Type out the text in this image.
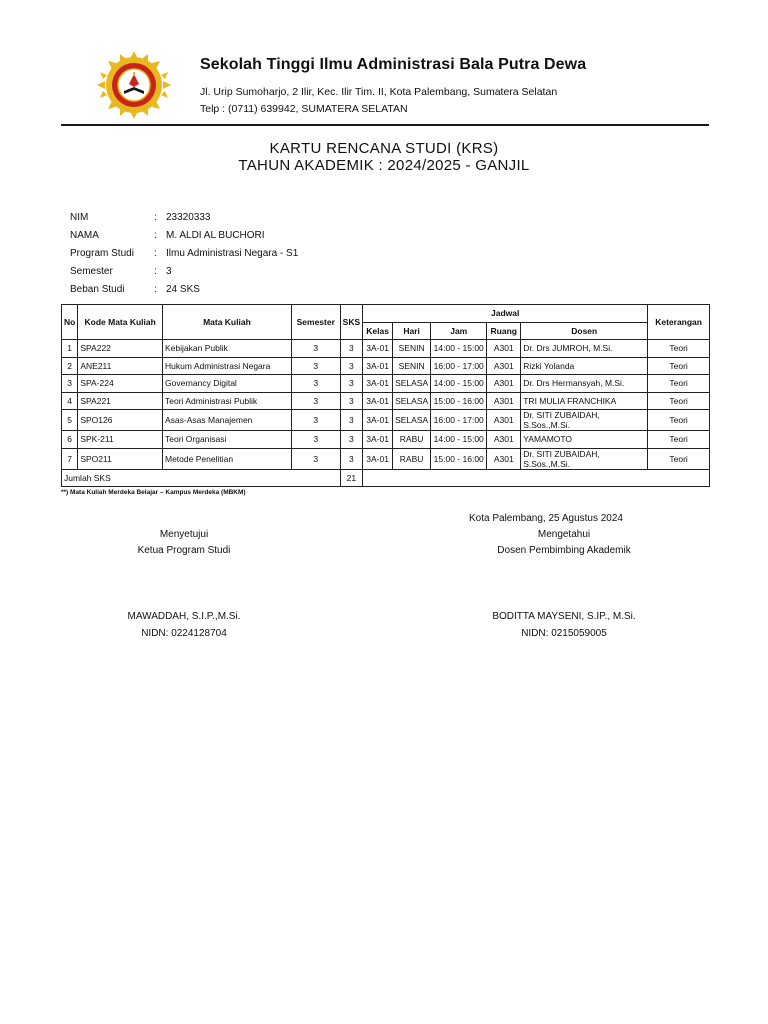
Sekolah Tinggi Ilmu Administrasi Bala Putra Dewa
Jl. Urip Sumoharjo, 2 Ilir, Kec. Ilir Tim. II, Kota Palembang, Sumatera Selatan
Telp : (0711) 639942, SUMATERA SELATAN
KARTU RENCANA STUDI (KRS)
TAHUN AKADEMIK : 2024/2025 - GANJIL
NIM	: 23320333
NAMA	: M. ALDI AL BUCHORI
Program Studi	: Ilmu Administrasi Negara - S1
Semester	: 3
Beban Studi	: 24 SKS
No	Kode Mata Kuliah	Mata Kuliah	Semester	SKS	Jadwal					Keterangan
					Kelas	Hari	Jam	Ruang	Dosen	
1	SPA222	Kebijakan Publik	3	3	3A-01	SENIN	14:00 - 15:00	A301	Dr. Drs JUMROH, M.Si.	Teori
2	ANE211	Hukum Administrasi Negara	3	3	3A-01	SENIN	16:00 - 17:00	A301	Rizki Yolanda	Teori
3	SPA-224	Governancy Digital	3	3	3A-01	SELASA	14:00 - 15:00	A301	Dr. Drs Hermansyah, M.Si.	Teori
4	SPA221	Teori Administrasi Publik	3	3	3A-01	SELASA	15:00 - 16:00	A301	TRI MULIA FRANCHIKA	Teori
5	SPO126	Asas-Asas Manajemen	3	3	3A-01	SELASA	16:00 - 17:00	A301	Dr. SITI ZUBAIDAH, S.Sos.,M.Si.	Teori
6	SPK-211	Teori Organisasi	3	3	3A-01	RABU	14:00 - 15:00	A301	YAMAMOTO	Teori
7	SPO211	Metode Penelitian	3	3	3A-01	RABU	15:00 - 16:00	A301	Dr. SITI ZUBAIDAH, S.Sos.,M.Si.	Teori
Jumlah SKS				21						
**) Mata Kuliah Merdeka Belajar – Kampus Merdeka (MBKM)
Kota Palembang, 25 Agustus 2024
Menyetujui
Ketua Program Studi
MAWADDAH, S.I.P.,M.Si.
NIDN: 0224128704
Mengetahui
Dosen Pembimbing Akademik
BODITTA MAYSENI, S.IP., M.Si.
NIDN: 0215059005
